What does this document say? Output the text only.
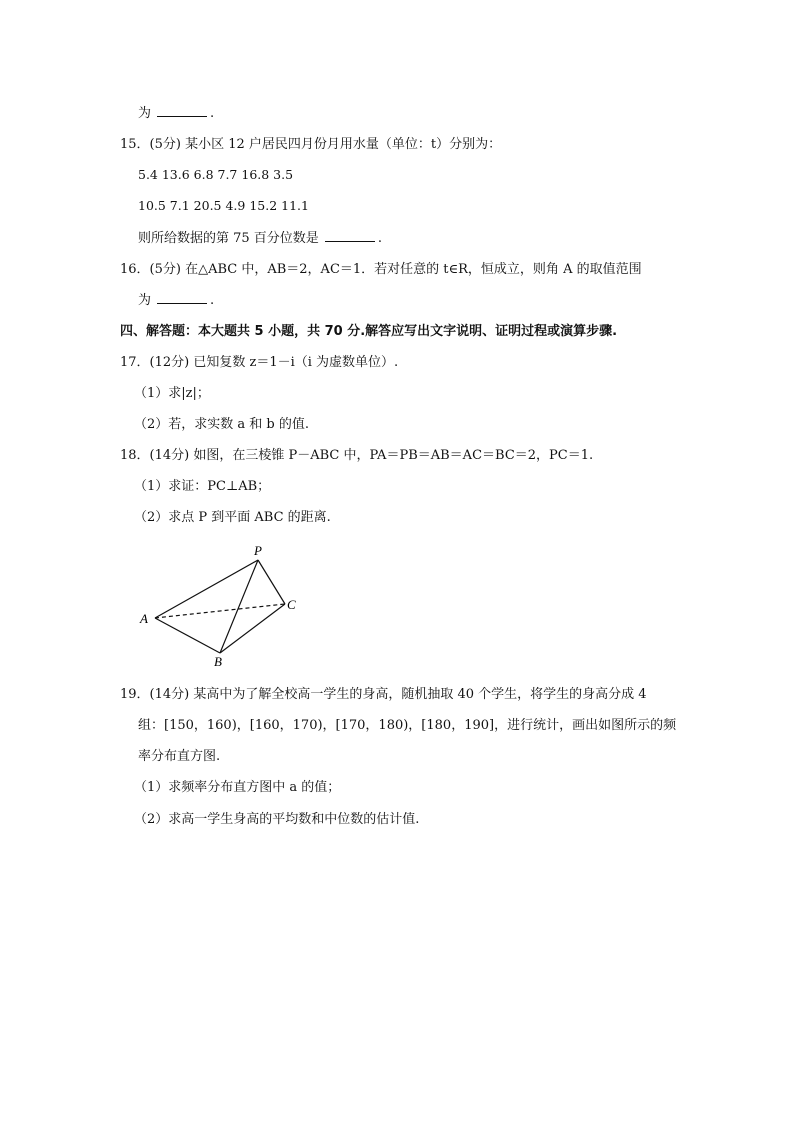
为	.
15．(5分) 某小区 12 户居民四月份月用水量（单位：t）分别为：
5.4 13.6 6.8 7.7 16.8 3.5
10.5 7.1 20.5 4.9 15.2 11.1
则所给数据的第 75 百分位数是	.
16．(5分) 在△ABC 中，AB＝2，AC＝1．若对任意的 t∈R，恒成立，则角 A 的取值范围
为	.
四、解答题：本大题共 5 小题，共 70 分.解答应写出文字说明、证明过程或演算步骤.
17．(12分) 已知复数 z＝1－i（i 为虚数单位）.
（1）求|z|；
（2）若，求实数 a 和 b 的值.
18．(14分) 如图，在三棱锥 P－ABC 中，PA＝PB＝AB＝AC＝BC＝2，PC＝1.
（1）求证：PC⊥AB；
（2）求点 P 到平面 ABC 的距离.
P
A
B
C
19．(14分) 某高中为了解全校高一学生的身高，随机抽取 40 个学生，将学生的身高分成 4
组：[150，160)，[160，170)，[170，180)，[180，190]，进行统计，画出如图所示的频
率分布直方图.
（1）求频率分布直方图中 a 的值；
（2）求高一学生身高的平均数和中位数的估计值.
